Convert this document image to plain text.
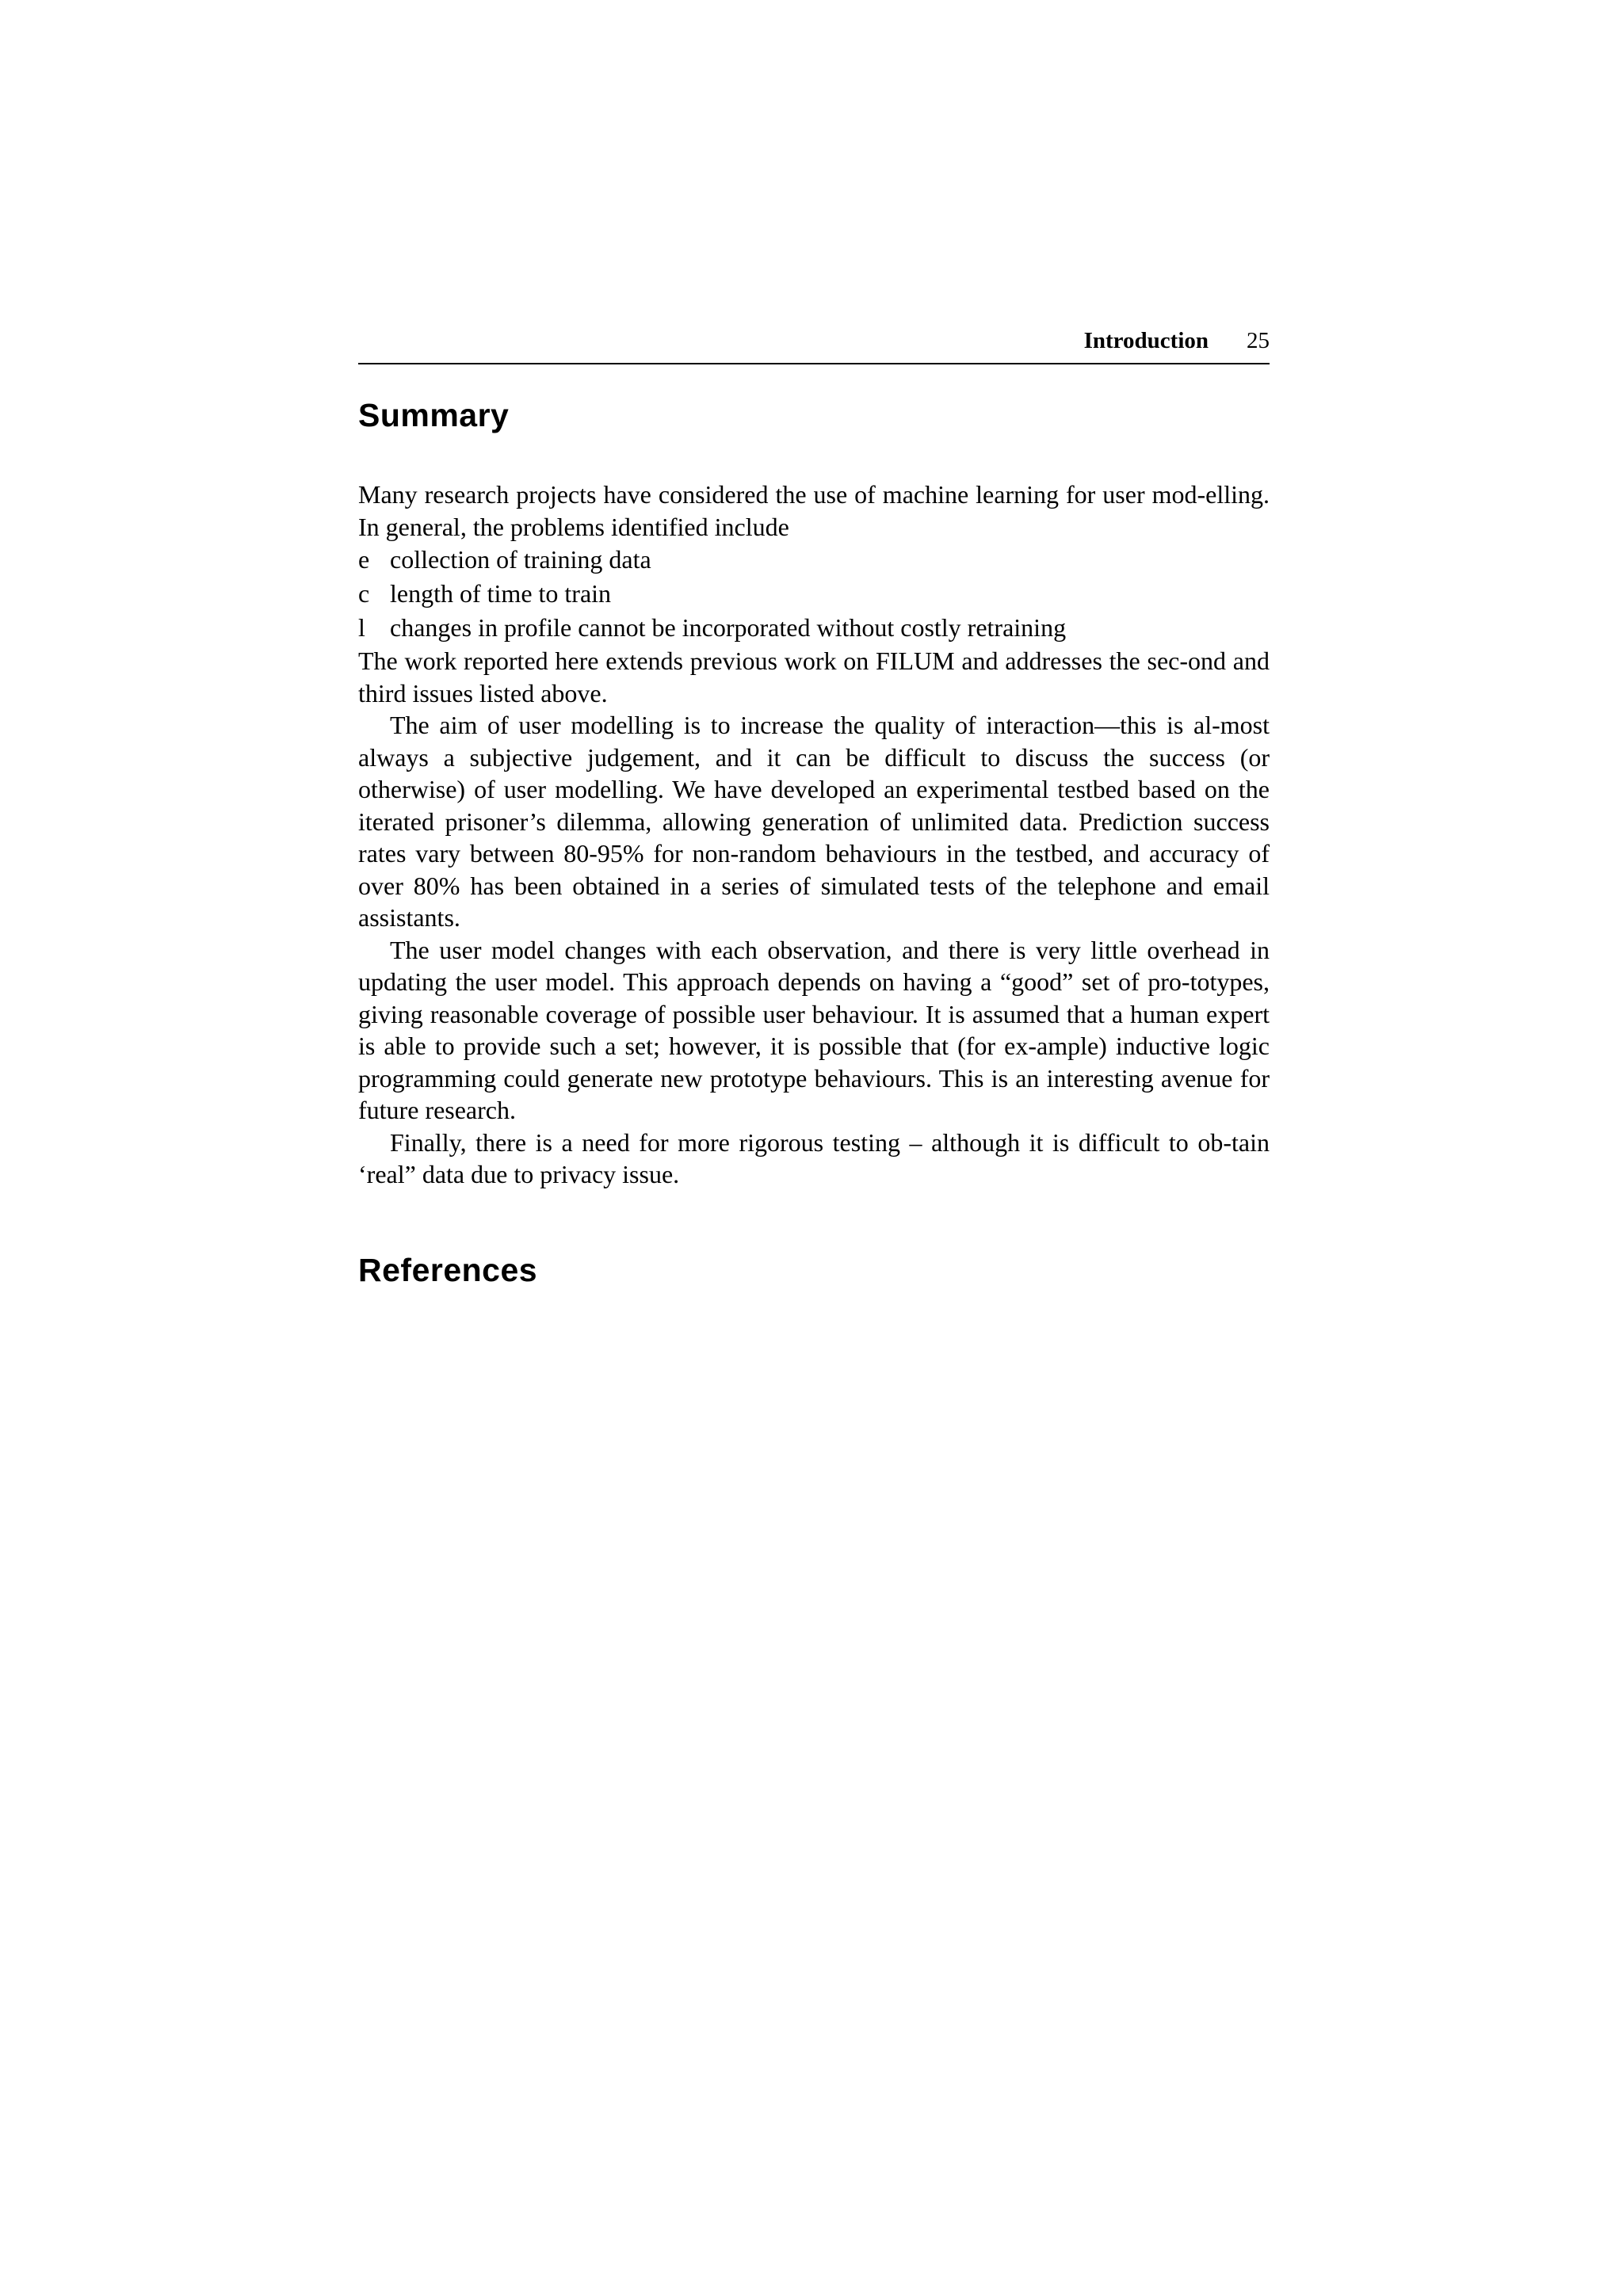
Introduction 25
Summary

Many research projects have considered the use of machine learning for user mod-elling. In general, the problems identified include

e collection of training data
c length of time to train
l changes in profile cannot be incorporated without costly retraining

The work reported here extends previous work on FILUM and addresses the sec-ond and third issues listed above.

The aim of user modelling is to increase the quality of interaction—this is al-most always a subjective judgement, and it can be difficult to discuss the success (or otherwise) of user modelling. We have developed an experimental testbed based on the iterated prisoner’s dilemma, allowing generation of unlimited data. Prediction success rates vary between 80-95% for non-random behaviours in the testbed, and accuracy of over 80% has been obtained in a series of simulated tests of the telephone and email assistants.

The user model changes with each observation, and there is very little overhead in updating the user model. This approach depends on having a “good” set of pro-totypes, giving reasonable coverage of possible user behaviour. It is assumed that a human expert is able to provide such a set; however, it is possible that (for ex-ample) inductive logic programming could generate new prototype behaviours. This is an interesting avenue for future research.

Finally, there is a need for more rigorous testing – although it is difficult to ob-tain ‘real” data due to privacy issue.

References
